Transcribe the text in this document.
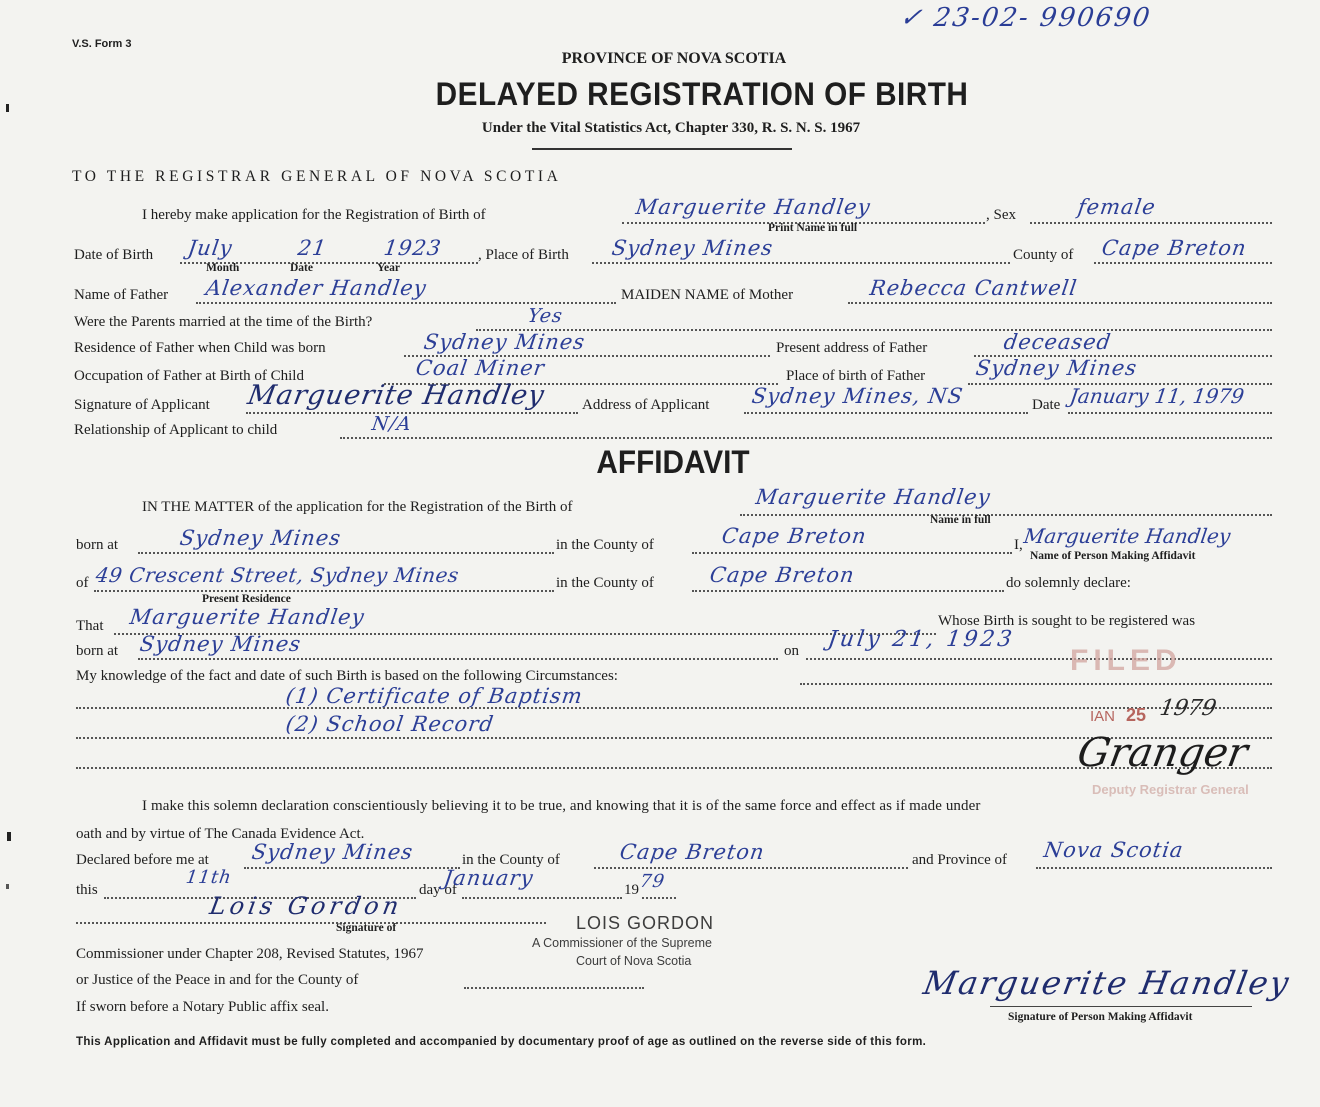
V.S. Form 3
✓ 23-02- 990690
PROVINCE OF NOVA SCOTIA
DELAYED REGISTRATION OF BIRTH
Under the Vital Statistics Act, Chapter 330, R. S. N. S. 1967
TO THE REGISTRAR GENERAL OF NOVA SCOTIA
I hereby make application for the Registration of Birth of	Marguerite Handley
Print Name in full
, Sex	female
Date of Birth July	21	1923
Month	Date	Year
, Place of Birth Sydney Mines	County of Cape Breton
Name of Father Alexander Handley	MAIDEN NAME of Mother	Rebecca Cantwell
Were the Parents married at the time of the Birth?	Yes
Residence of Father when Child was born	Sydney Mines	Present address of Father	deceased
Occupation of Father at Birth of Child	Coal Miner	Place of birth of Father Sydney Mines
Signature of Applicant Marguerite Handley Address of Applicant Sydney Mines, NS	Date January 11, 1979
Relationship of Applicant to child	N/A
AFFIDAVIT
IN THE MATTER of the application for the Registration of the Birth of	Marguerite Handley
Name in full
born at	Sydney Mines	in the County of	Cape Breton	I, Marguerite Handley
Name of Person Making Affidavit
of 49 Crescent Street, Sydney Mines
Present Residence
in the County of	Cape Breton	do solemnly declare:
That Marguerite Handley	Whose Birth is sought to be registered was
born at Sydney Mines	on July 21, 1923
My knowledge of the fact and date of such Birth is based on the following Circumstances:
(1) Certificate of Baptism
(2) School Record
I make this solemn declaration conscientiously believing it to be true, and knowing that it is of the same force and effect as if made under
oath and by virtue of The Canada Evidence Act.
Declared before me at Sydney Mines	in the County of	Cape Breton	and Province of Nova Scotia
this
11th
day of
January	19 79
Lois Gordon
Signature of
Commissioner under Chapter 208, Revised Statutes, 1967
or Justice of the Peace in and for the County of
If sworn before a Notary Public affix seal.
Marguerite Handley
Signature of Person Making Affidavit
LOIS GORDON
A Commissioner of the Supreme
Court of Nova Scotia
FILED
IAN 25 1979
Granger
Deputy Registrar General
This Application and Affidavit must be fully completed and accompanied by documentary proof of age as outlined on the reverse side of this form.
